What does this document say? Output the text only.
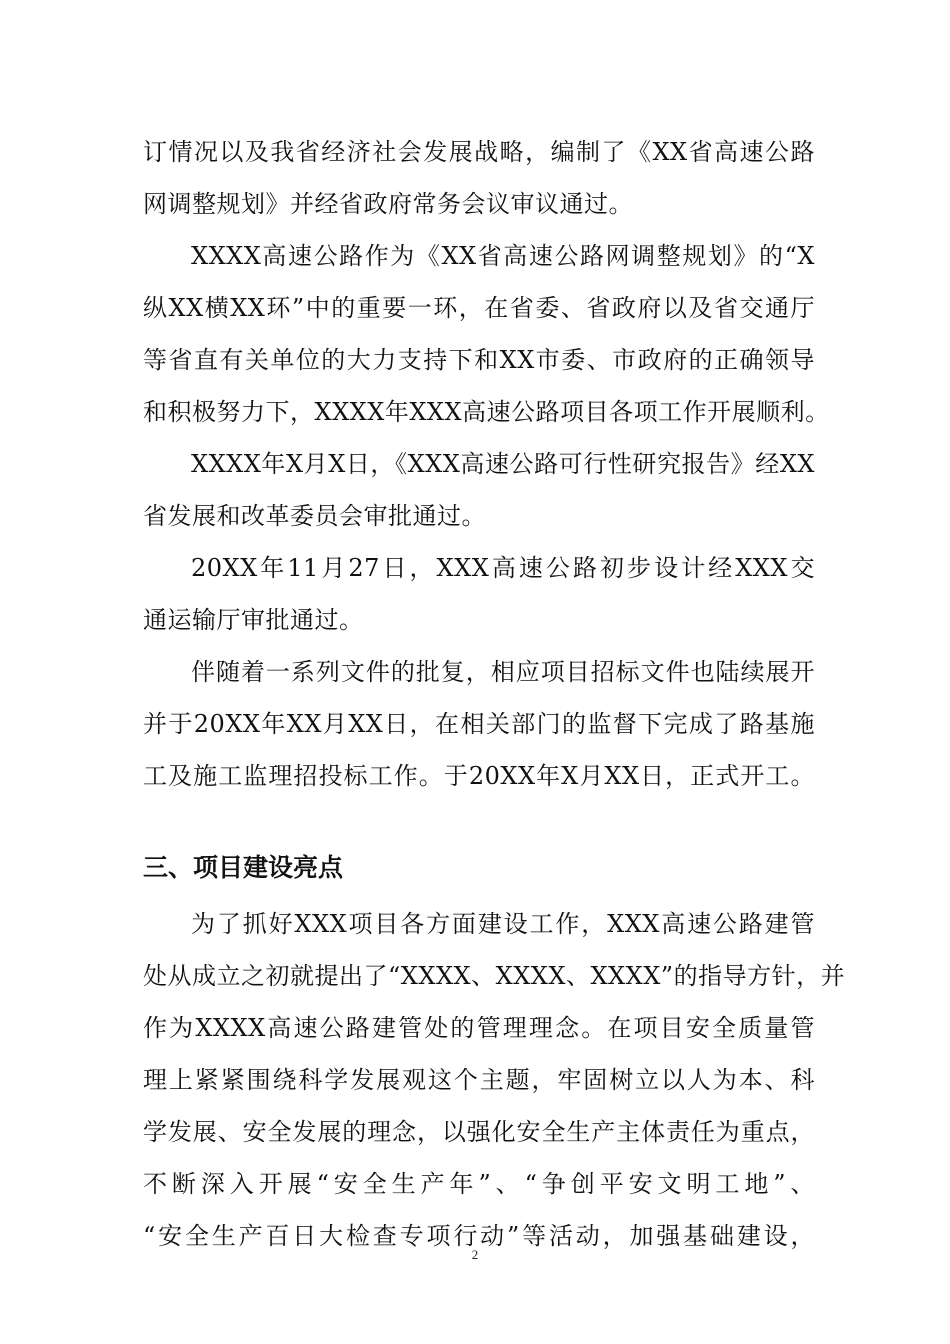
订情况以及我省经济社会发展战略，编制了《XX省高速公路
网调整规划》并经省政府常务会议审议通过。
XXXX高速公路作为《XX省高速公路网调整规划》的“X
纵XX横XX环”中的重要一环，在省委、省政府以及省交通厅
等省直有关单位的大力支持下和XX市委、市政府的正确领导
和积极努力下，XXXX年XXX高速公路项目各项工作开展顺利。
XXXX年X月X日，《XXX高速公路可行性研究报告》经XX
省发展和改革委员会审批通过。
20XX年11月27日，XXX高速公路初步设计经XXX交
通运输厅审批通过。
伴随着一系列文件的批复，相应项目招标文件也陆续展开
并于20XX年XX月XX日，在相关部门的监督下完成了路基施
工及施工监理招投标工作。于20XX年X月XX日，正式开工。
三、项目建设亮点
为了抓好XXX项目各方面建设工作，XXX高速公路建管
处从成立之初就提出了“XXXX、XXXX、XXXX”的指导方针，并
作为XXXX高速公路建管处的管理理念。在项目安全质量管
理上紧紧围绕科学发展观这个主题，牢固树立以人为本、科
学发展、安全发展的理念，以强化安全生产主体责任为重点，
不断深入开展“安全生产年”、“争创平安文明工地”、
“安全生产百日大检查专项行动”等活动，加强基础建设，
2
